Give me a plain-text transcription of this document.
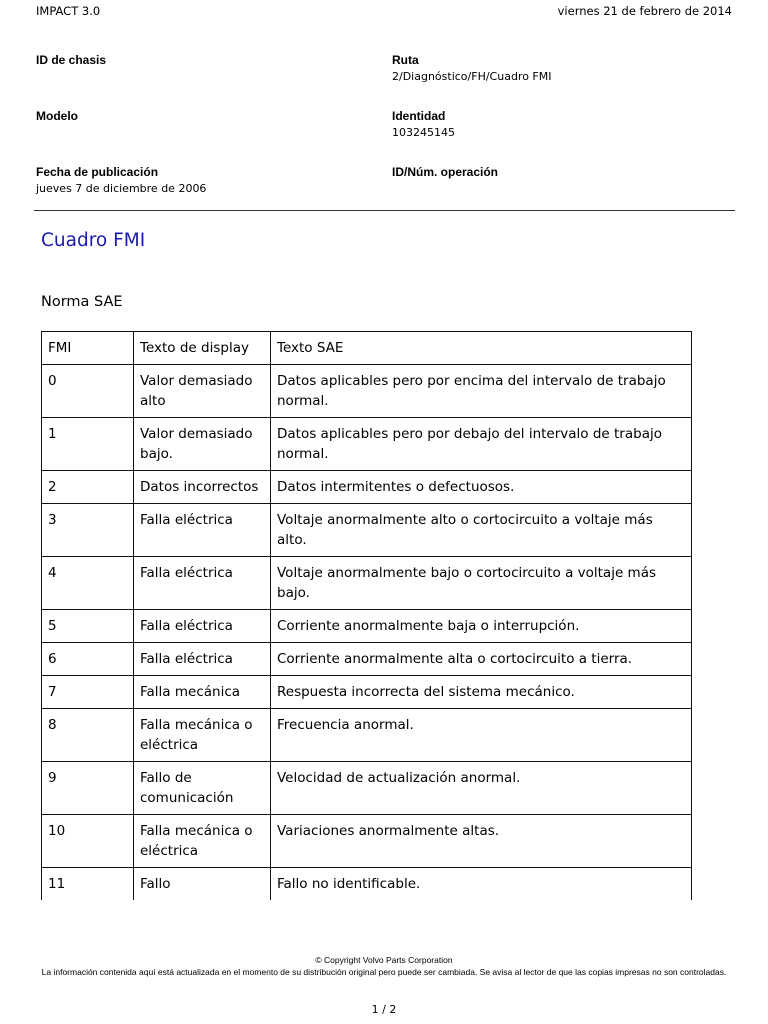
IMPACT 3.0	viernes 21 de febrero de 2014
ID de chasis	Ruta
2/Diagnóstico/FH/Cuadro FMI
Modelo	Identidad
103245145
Fecha de publicación
jueves 7 de diciembre de 2006
ID/Núm. operación
Cuadro FMI
Norma SAE
FMI	Texto de display	Texto SAE
0	Valor demasiado alto	Datos aplicables pero por encima del intervalo de trabajo normal.
1	Valor demasiado bajo.	Datos aplicables pero por debajo del intervalo de trabajo normal.
2	Datos incorrectos	Datos intermitentes o defectuosos.
3	Falla eléctrica	Voltaje anormalmente alto o cortocircuito a voltaje más alto.
4	Falla eléctrica	Voltaje anormalmente bajo o cortocircuito a voltaje más bajo.
5	Falla eléctrica	Corriente anormalmente baja o interrupción.
6	Falla eléctrica	Corriente anormalmente alta o cortocircuito a tierra.
7	Falla mecánica	Respuesta incorrecta del sistema mecánico.
8	Falla mecánica o eléctrica	Frecuencia anormal.
9	Fallo de comunicación	Velocidad de actualización anormal.
10	Falla mecánica o eléctrica	Variaciones anormalmente altas.
11	Fallo	Fallo no identificable.
© Copyright Volvo Parts Corporation
La información contenida aquí está actualizada en el momento de su distribución original pero puede ser cambiada. Se avisa al lector de que las copias impresas no son controladas.
1 / 2
